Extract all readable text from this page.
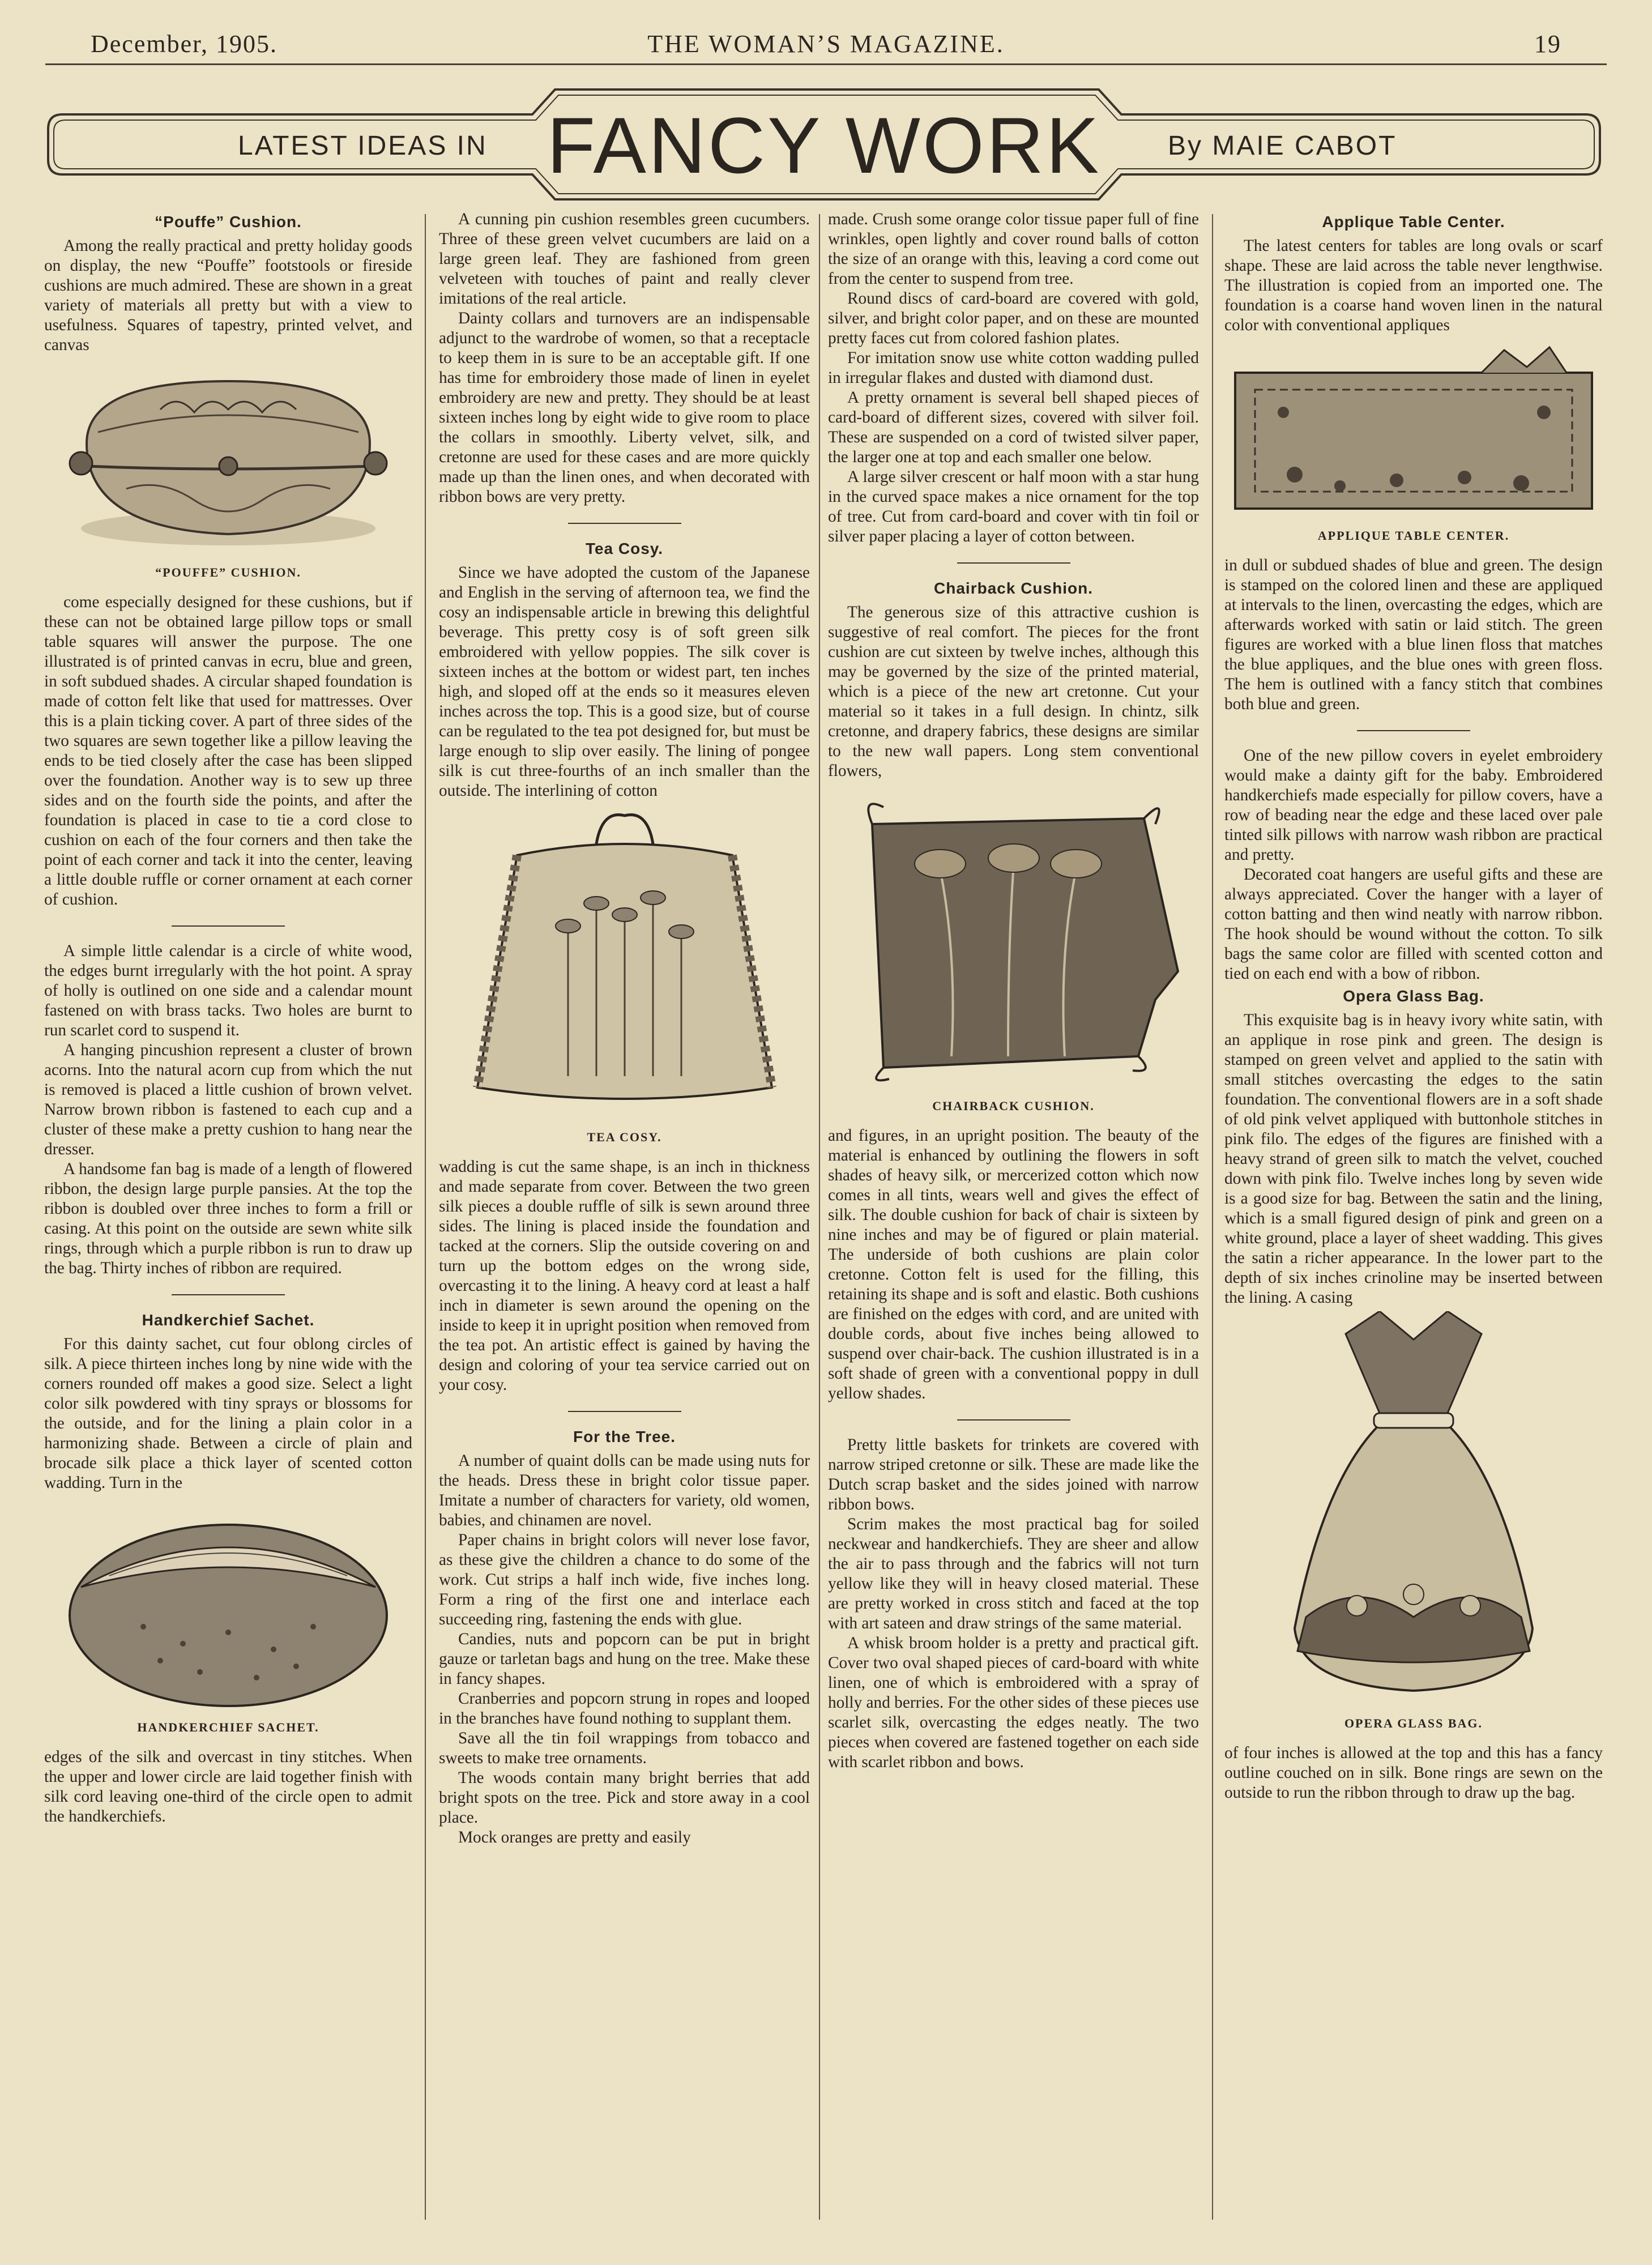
December, 1905.	THE WOMAN’S MAGAZINE.	19
LATEST IDEAS IN FANCY WORK	By MAIE CABOT
“Pouffe” Cushion.

Among the really practical and pretty holiday goods on display, the new “Pouffe” footstools or fireside cushions are much admired. These are shown in a great variety of materials all pretty but with a view to usefulness. Squares of tapestry, printed velvet, and canvas

“POUFFE” CUSHION.

come especially designed for these cushions, but if these can not be obtained large pillow tops or small table squares will answer the purpose. The one illustrated is of printed canvas in ecru, blue and green, in soft subdued shades. A circular shaped foundation is made of cotton felt like that used for mattresses. Over this is a plain ticking cover. A part of three sides of the two squares are sewn together like a pillow leaving the ends to be tied closely after the case has been slipped over the foundation. Another way is to sew up three sides and on the fourth side the points, and after the foundation is placed in case to tie a cord close to cushion on each of the four corners and then take the point of each corner and tack it into the center, leaving a little double ruffle or corner ornament at each corner of cushion.

A simple little calendar is a circle of white wood, the edges burnt irregularly with the hot point. A spray of holly is outlined on one side and a calendar mount fastened on with brass tacks. Two holes are burnt to run scarlet cord to suspend it.

A hanging pincushion represent a cluster of brown acorns. Into the natural acorn cup from which the nut is removed is placed a little cushion of brown velvet. Narrow brown ribbon is fastened to each cup and a cluster of these make a pretty cushion to hang near the dresser.

A handsome fan bag is made of a length of flowered ribbon, the design large purple pansies. At the top the ribbon is doubled over three inches to form a frill or casing. At this point on the outside are sewn white silk rings, through which a purple ribbon is run to draw up the bag. Thirty inches of ribbon are required.

Handkerchief Sachet.

For this dainty sachet, cut four oblong circles of silk. A piece thirteen inches long by nine wide with the corners rounded off makes a good size. Select a light color silk powdered with tiny sprays or blossoms for the outside, and for the lining a plain color in a harmonizing shade. Between a circle of plain and brocade silk place a thick layer of scented cotton wadding. Turn in the

HANDKERCHIEF SACHET.

edges of the silk and overcast in tiny stitches. When the upper and lower circle are laid together finish with silk cord leaving one-third of the circle open to admit the handkerchiefs.

A cunning pin cushion resembles green cucumbers. Three of these green velvet cucumbers are laid on a large green leaf. They are fashioned from green velveteen with touches of paint and really clever imitations of the real article.

Dainty collars and turnovers are an indispensable adjunct to the wardrobe of women, so that a receptacle to keep them in is sure to be an acceptable gift. If one has time for embroidery those made of linen in eyelet embroidery are new and pretty. They should be at least sixteen inches long by eight wide to give room to place the collars in smoothly. Liberty velvet, silk, and cretonne are used for these cases and are more quickly made up than the linen ones, and when decorated with ribbon bows are very pretty.

Tea Cosy.

Since we have adopted the custom of the Japanese and English in the serving of afternoon tea, we find the cosy an indispensable article in brewing this delightful beverage. This pretty cosy is of soft green silk embroidered with yellow poppies. The silk cover is sixteen inches at the bottom or widest part, ten inches high, and sloped off at the ends so it measures eleven inches across the top. This is a good size, but of course can be regulated to the tea pot designed for, but must be large enough to slip over easily. The lining of pongee silk is cut three-fourths of an inch smaller than the outside. The interlining of cotton

TEA COSY.

wadding is cut the same shape, is an inch in thickness and made separate from cover. Between the two green silk pieces a double ruffle of silk is sewn around three sides. The lining is placed inside the foundation and tacked at the corners. Slip the outside covering on and turn up the bottom edges on the wrong side, overcasting it to the lining. A heavy cord at least a half inch in diameter is sewn around the opening on the inside to keep it in upright position when removed from the tea pot. An artistic effect is gained by having the design and coloring of your tea service carried out on your cosy.

For the Tree.

A number of quaint dolls can be made using nuts for the heads. Dress these in bright color tissue paper. Imitate a number of characters for variety, old women, babies, and chinamen are novel.

Paper chains in bright colors will never lose favor, as these give the children a chance to do some of the work. Cut strips a half inch wide, five inches long. Form a ring of the first one and interlace each succeeding ring, fastening the ends with glue.

Candies, nuts and popcorn can be put in bright gauze or tarletan bags and hung on the tree. Make these in fancy shapes.

Cranberries and popcorn strung in ropes and looped in the branches have found nothing to supplant them.

Save all the tin foil wrappings from tobacco and sweets to make tree ornaments.

The woods contain many bright berries that add bright spots on the tree. Pick and store away in a cool place.

Mock oranges are pretty and easily

made. Crush some orange color tissue paper full of fine wrinkles, open lightly and cover round balls of cotton the size of an orange with this, leaving a cord come out from the center to suspend from tree.

Round discs of card-board are covered with gold, silver, and bright color paper, and on these are mounted pretty faces cut from colored fashion plates.

For imitation snow use white cotton wadding pulled in irregular flakes and dusted with diamond dust.

A pretty ornament is several bell shaped pieces of card-board of different sizes, covered with silver foil. These are suspended on a cord of twisted silver paper, the larger one at top and each smaller one below.

A large silver crescent or half moon with a star hung in the curved space makes a nice ornament for the top of tree. Cut from card-board and cover with tin foil or silver paper placing a layer of cotton between.

Chairback Cushion.

The generous size of this attractive cushion is suggestive of real comfort. The pieces for the front cushion are cut sixteen by twelve inches, although this may be governed by the size of the printed material, which is a piece of the new art cretonne. Cut your material so it takes in a full design. In chintz, silk cretonne, and drapery fabrics, these designs are similar to the new wall papers. Long stem conventional flowers,

CHAIRBACK CUSHION.

and figures, in an upright position. The beauty of the material is enhanced by outlining the flowers in soft shades of heavy silk, or mercerized cotton which now comes in all tints, wears well and gives the effect of silk. The double cushion for back of chair is sixteen by nine inches and may be of figured or plain material. The underside of both cushions are plain color cretonne. Cotton felt is used for the filling, this retaining its shape and is soft and elastic. Both cushions are finished on the edges with cord, and are united with double cords, about five inches being allowed to suspend over chair-back. The cushion illustrated is in a soft shade of green with a conventional poppy in dull yellow shades.

Pretty little baskets for trinkets are covered with narrow striped cretonne or silk. These are made like the Dutch scrap basket and the sides joined with narrow ribbon bows.

Scrim makes the most practical bag for soiled neckwear and handkerchiefs. They are sheer and allow the air to pass through and the fabrics will not turn yellow like they will in heavy closed material. These are pretty worked in cross stitch and faced at the top with art sateen and draw strings of the same material.

A whisk broom holder is a pretty and practical gift. Cover two oval shaped pieces of card-board with white linen, one of which is embroidered with a spray of holly and berries. For the other sides of these pieces use scarlet silk, overcasting the edges neatly. The two pieces when covered are fastened together on each side with scarlet ribbon and bows.

Applique Table Center.

The latest centers for tables are long ovals or scarf shape. These are laid across the table never lengthwise. The illustration is copied from an imported one. The foundation is a coarse hand woven linen in the natural color with conventional appliques

APPLIQUE TABLE CENTER.

in dull or subdued shades of blue and green. The design is stamped on the colored linen and these are appliqued at intervals to the linen, overcasting the edges, which are afterwards worked with satin or laid stitch. The green figures are worked with a blue linen floss that matches the blue appliques, and the blue ones with green floss. The hem is outlined with a fancy stitch that combines both blue and green.

One of the new pillow covers in eyelet embroidery would make a dainty gift for the baby. Embroidered handkerchiefs made especially for pillow covers, have a row of beading near the edge and these laced over pale tinted silk pillows with narrow wash ribbon are practical and pretty.

Decorated coat hangers are useful gifts and these are always appreciated. Cover the hanger with a layer of cotton batting and then wind neatly with narrow ribbon. The hook should be wound without the cotton. To silk bags the same color are filled with scented cotton and tied on each end with a bow of ribbon.

Opera Glass Bag.

This exquisite bag is in heavy ivory white satin, with an applique in rose pink and green. The design is stamped on green velvet and applied to the satin with small stitches overcasting the edges to the satin foundation. The conventional flowers are in a soft shade of old pink velvet appliqued with buttonhole stitches in pink filo. The edges of the figures are finished with a heavy strand of green silk to match the velvet, couched down with pink filo. Twelve inches long by seven wide is a good size for bag. Between the satin and the lining, which is a small figured design of pink and green on a white ground, place a layer of sheet wadding. This gives the satin a richer appearance. In the lower part to the depth of six inches crinoline may be inserted between the lining. A casing

OPERA GLASS BAG.

of four inches is allowed at the top and this has a fancy outline couched on in silk. Bone rings are sewn on the outside to run the ribbon through to draw up the bag.
